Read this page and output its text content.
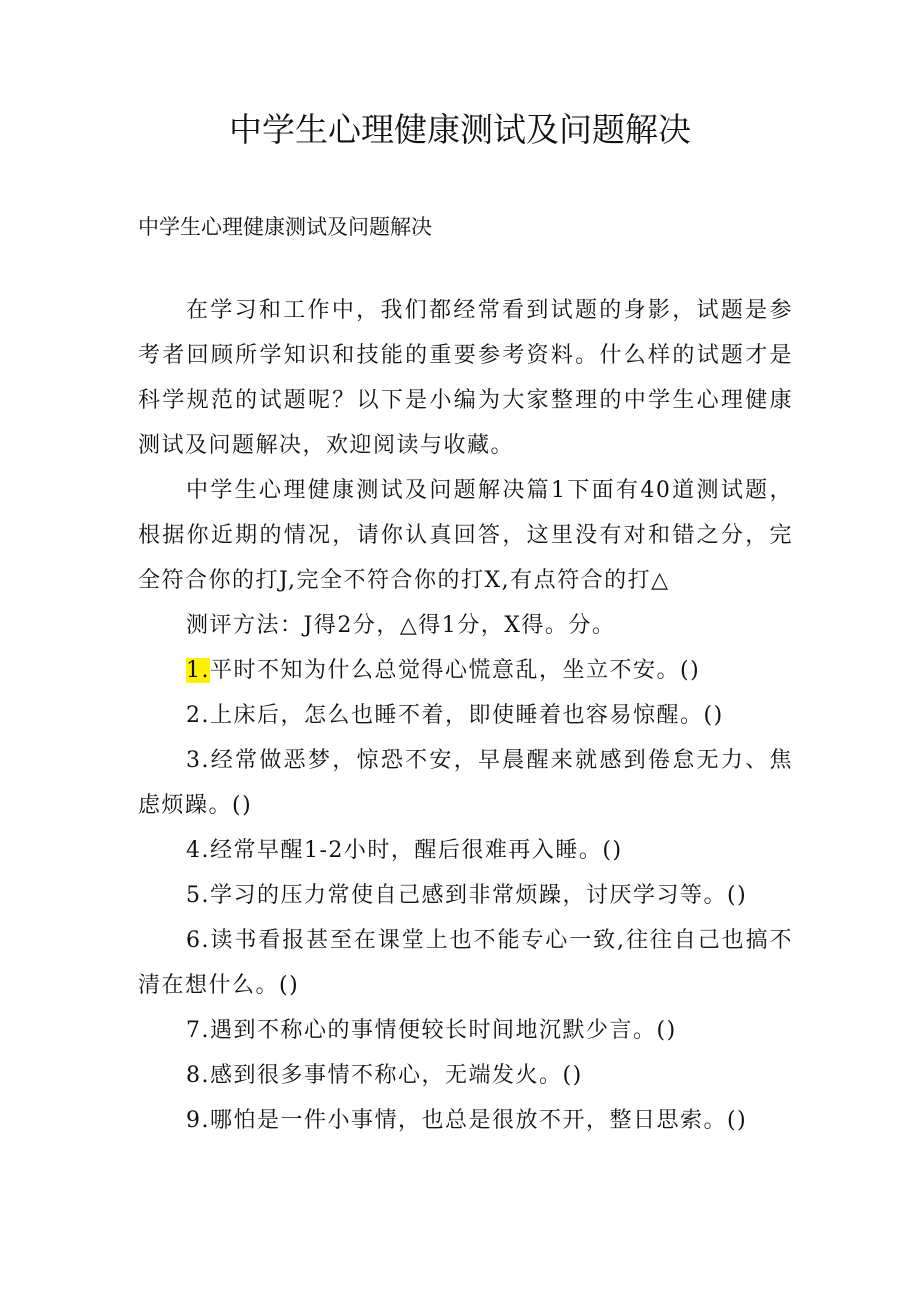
中学生心理健康测试及问题解决

中学生心理健康测试及问题解决

在学习和工作中，我们都经常看到试题的身影，试题是参考者回顾所学知识和技能的重要参考资料。什么样的试题才是科学规范的试题呢？以下是小编为大家整理的中学生心理健康测试及问题解决，欢迎阅读与收藏。

中学生心理健康测试及问题解决篇1下面有40道测试题，根据你近期的情况，请你认真回答，这里没有对和错之分，完全符合你的打J,完全不符合你的打X,有点符合的打△

测评方法：J得2分，△得1分，X得。分。

1.平时不知为什么总觉得心慌意乱，坐立不安。()

2.上床后，怎么也睡不着，即使睡着也容易惊醒。()

3.经常做恶梦，惊恐不安，早晨醒来就感到倦怠无力、焦虑烦躁。()

4.经常早醒1-2小时，醒后很难再入睡。()

5.学习的压力常使自己感到非常烦躁，讨厌学习等。()

6.读书看报甚至在课堂上也不能专心一致,往往自己也搞不清在想什么。()

7.遇到不称心的事情便较长时间地沉默少言。()

8.感到很多事情不称心，无端发火。()

9.哪怕是一件小事情，也总是很放不开，整日思索。()
